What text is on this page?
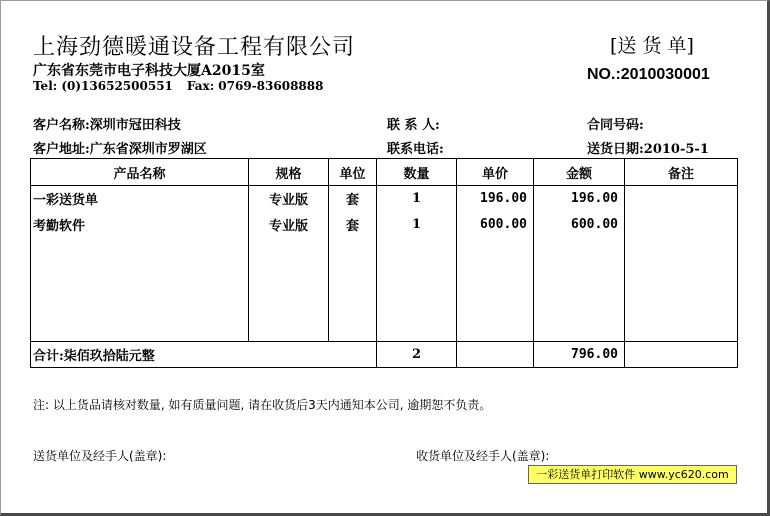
上海劲德暖通设备工程有限公司	[送 货 单]
广东省东莞市电子科技大厦A2015室
Tel: (0)13652500551 Fax: 0769-83608888
NO.:2010030001
客户名称:深圳市冠田科技	联 系 人:	合同号码:
客户地址:广东省深圳市罗湖区	联系电话:	送货日期:2010-5-1
产品名称	规格	单位	数量	单价	金额	备注
一彩送货单	专业版	套	1	196.00	196.00	
考勤软件	专业版	套	1	600.00	600.00	

合计:柒佰玖拾陆元整			2		796.00	
注: 以上货品请核对数量, 如有质量问题, 请在收货后3天内通知本公司, 逾期恕不负责。
送货单位及经手人(盖章):	收货单位及经手人(盖章):
一彩送货单打印软件 www.yc620.com
